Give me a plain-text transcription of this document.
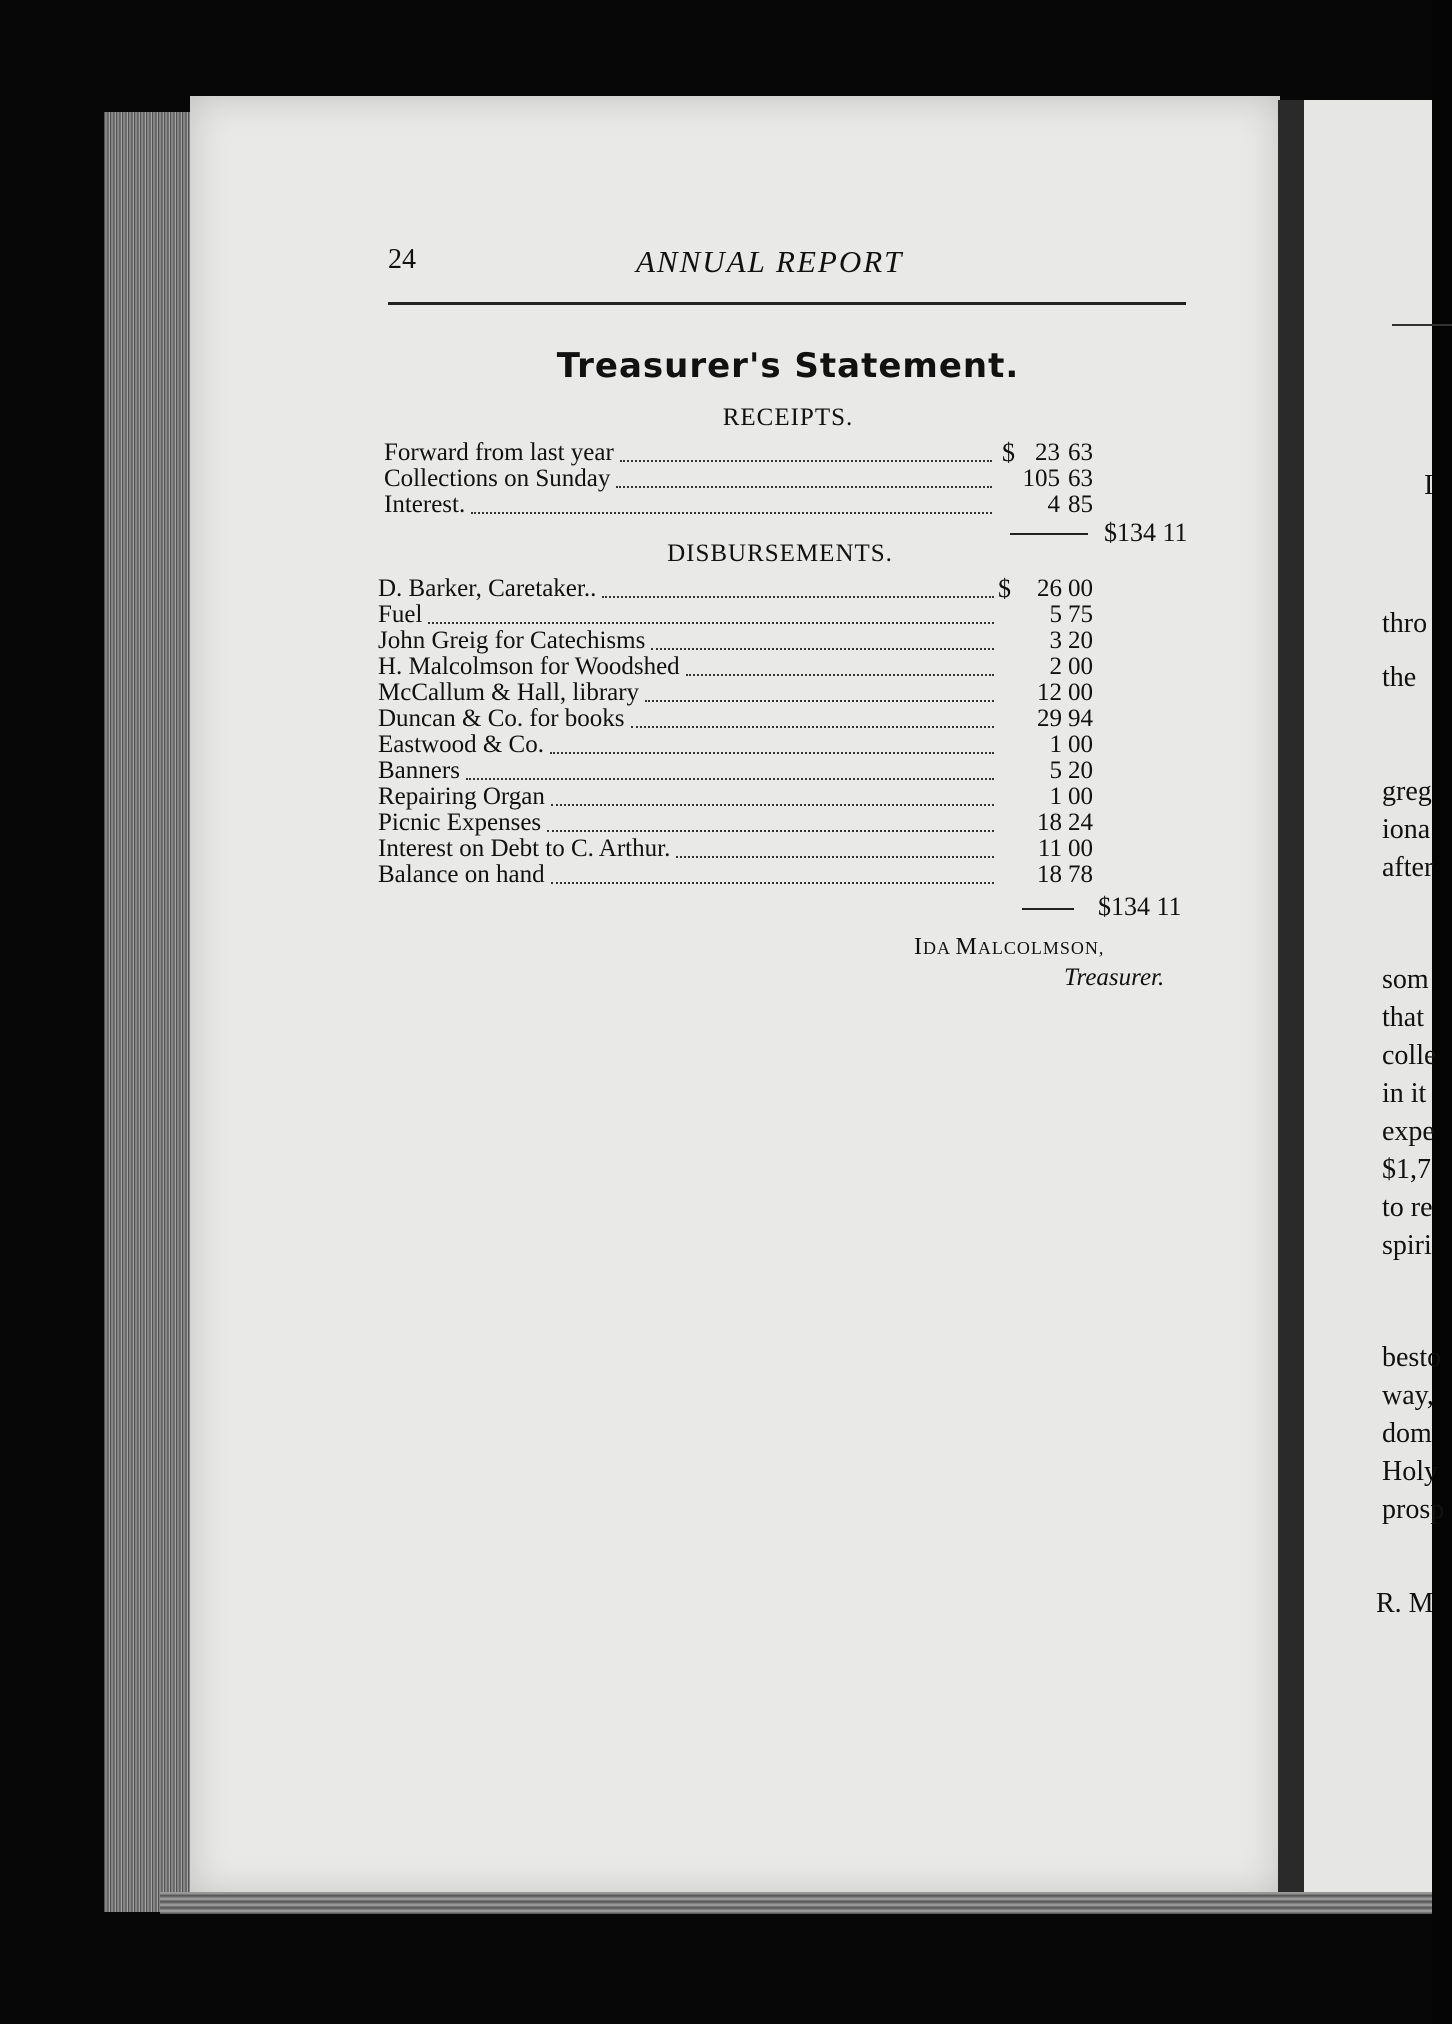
24	ANNUAL REPORT
Treasurer's Statement.
RECEIPTS.
Forward from last year	$ 23 63
Collections on Sunday	105 63
Interest.	4 85
$134 11
DISBURSEMENTS.
D. Barker, Caretaker..	$ 26 00
Fuel	5 75
John Greig for Catechisms	3 20
H. Malcolmson for Woodshed	2 00
McCallum & Hall, library	12 00
Duncan & Co. for books	29 94
Eastwood & Co.	1 00
Banners	5 20
Repairing Organ	1 00
Picnic Expenses	18 24
Interest on Debt to C. Arthur.	11 00
Balance on hand	18 78
$134 11
IDA MALCOLMSON,
Treasurer.
I
thro
the
greg
iona
after
som
that
colle
in it
expe
$1,7
to re
spiri
besto
way,
dom
Holy
prosp
R. M
